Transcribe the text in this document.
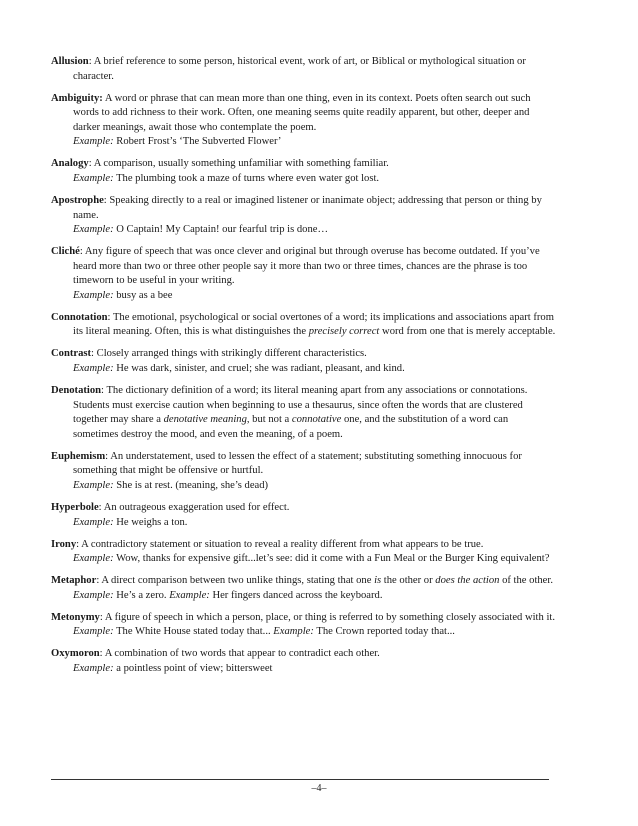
Allusion: A brief reference to some person, historical event, work of art, or Biblical or mythological situation or character.
Ambiguity: A word or phrase that can mean more than one thing, even in its context. Poets often search out such words to add richness to their work. Often, one meaning seems quite readily apparent, but other, deeper and darker meanings, await those who contemplate the poem.
Example: Robert Frost’s ‘The Subverted Flower’
Analogy: A comparison, usually something unfamiliar with something familiar.
Example: The plumbing took a maze of turns where even water got lost.
Apostrophe: Speaking directly to a real or imagined listener or inanimate object; addressing that person or thing by name.
Example: O Captain! My Captain! our fearful trip is done…
Cliché: Any figure of speech that was once clever and original but through overuse has become outdated. If you’ve heard more than two or three other people say it more than two or three times, chances are the phrase is too timeworn to be useful in your writing.
Example: busy as a bee
Connotation: The emotional, psychological or social overtones of a word; its implications and associations apart from its literal meaning. Often, this is what distinguishes the precisely correct word from one that is merely acceptable.
Contrast: Closely arranged things with strikingly different characteristics.
Example: He was dark, sinister, and cruel; she was radiant, pleasant, and kind.
Denotation: The dictionary definition of a word; its literal meaning apart from any associations or connotations. Students must exercise caution when beginning to use a thesaurus, since often the words that are clustered together may share a denotative meaning, but not a connotative one, and the substitution of a word can sometimes destroy the mood, and even the meaning, of a poem.
Euphemism: An understatement, used to lessen the effect of a statement; substituting something innocuous for something that might be offensive or hurtful.
Example: She is at rest. (meaning, she’s dead)
Hyperbole: An outrageous exaggeration used for effect.
Example: He weighs a ton.
Irony: A contradictory statement or situation to reveal a reality different from what appears to be true.
Example: Wow, thanks for expensive gift...let’s see: did it come with a Fun Meal or the Burger King equivalent?
Metaphor: A direct comparison between two unlike things, stating that one is the other or does the action of the other.
Example: He’s a zero. Example: Her fingers danced across the keyboard.
Metonymy: A figure of speech in which a person, place, or thing is referred to by something closely associated with it.
Example: The White House stated today that... Example: The Crown reported today that...
Oxymoron: A combination of two words that appear to contradict each other.
Example: a pointless point of view; bittersweet
–4–
